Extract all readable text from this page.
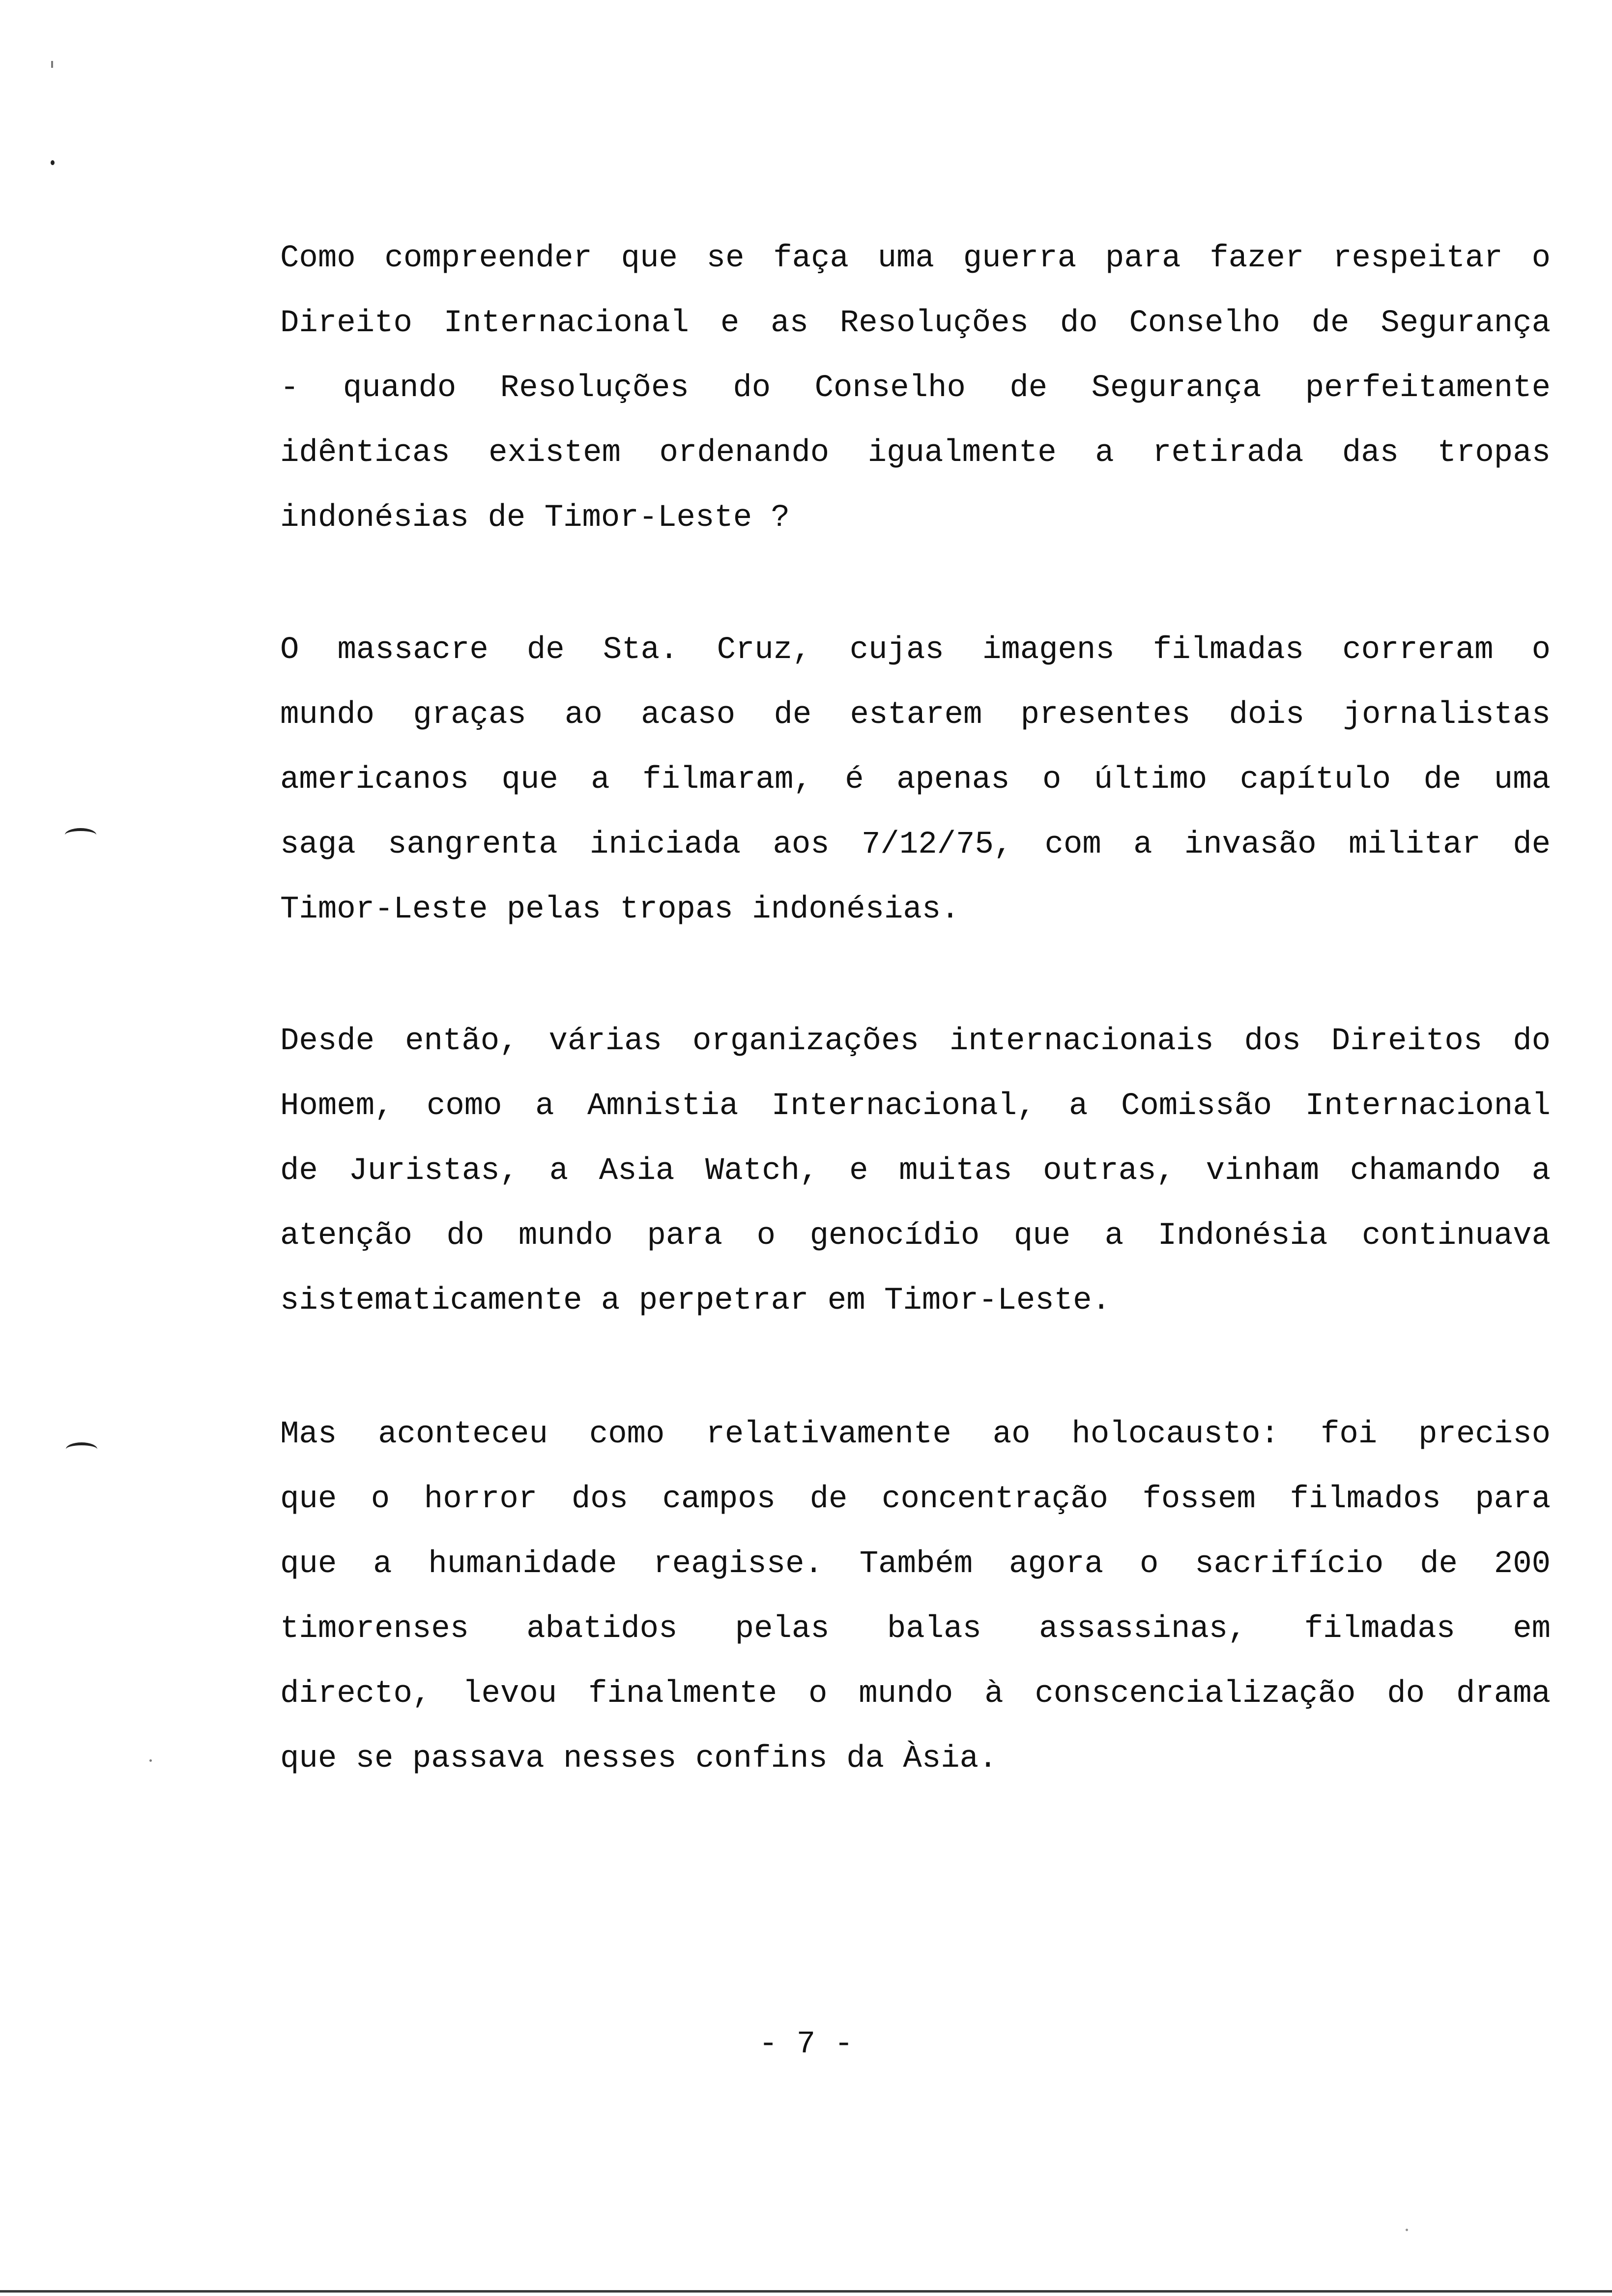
Como compreender que se faça uma guerra para fazer respeitar o
Direito Internacional e as Resoluções do Conselho de Segurança
- quando Resoluções do Conselho de Segurança perfeitamente
idênticas existem ordenando igualmente a retirada das tropas
indonésias de Timor-Leste ?
O massacre de Sta. Cruz, cujas imagens filmadas correram o
mundo graças ao acaso de estarem presentes dois jornalistas
americanos que a filmaram, é apenas o último capítulo de uma
saga sangrenta iniciada aos 7/12/75, com a invasão militar de
Timor-Leste pelas tropas indonésias.
Desde então, várias organizações internacionais dos Direitos do
Homem, como a Amnistia Internacional, a Comissão Internacional
de Juristas, a Asia Watch, e muitas outras, vinham chamando a
atenção do mundo para o genocídio que a Indonésia continuava
sistematicamente a perpetrar em Timor-Leste.
Mas aconteceu como relativamente ao holocausto: foi preciso
que o horror dos campos de concentração fossem filmados para
que a humanidade reagisse. Também agora o sacrifício de 200
timorenses abatidos pelas balas assassinas, filmadas em
directo, levou finalmente o mundo à conscencialização do drama
que se passava nesses confins da Àsia.
- 7 -
